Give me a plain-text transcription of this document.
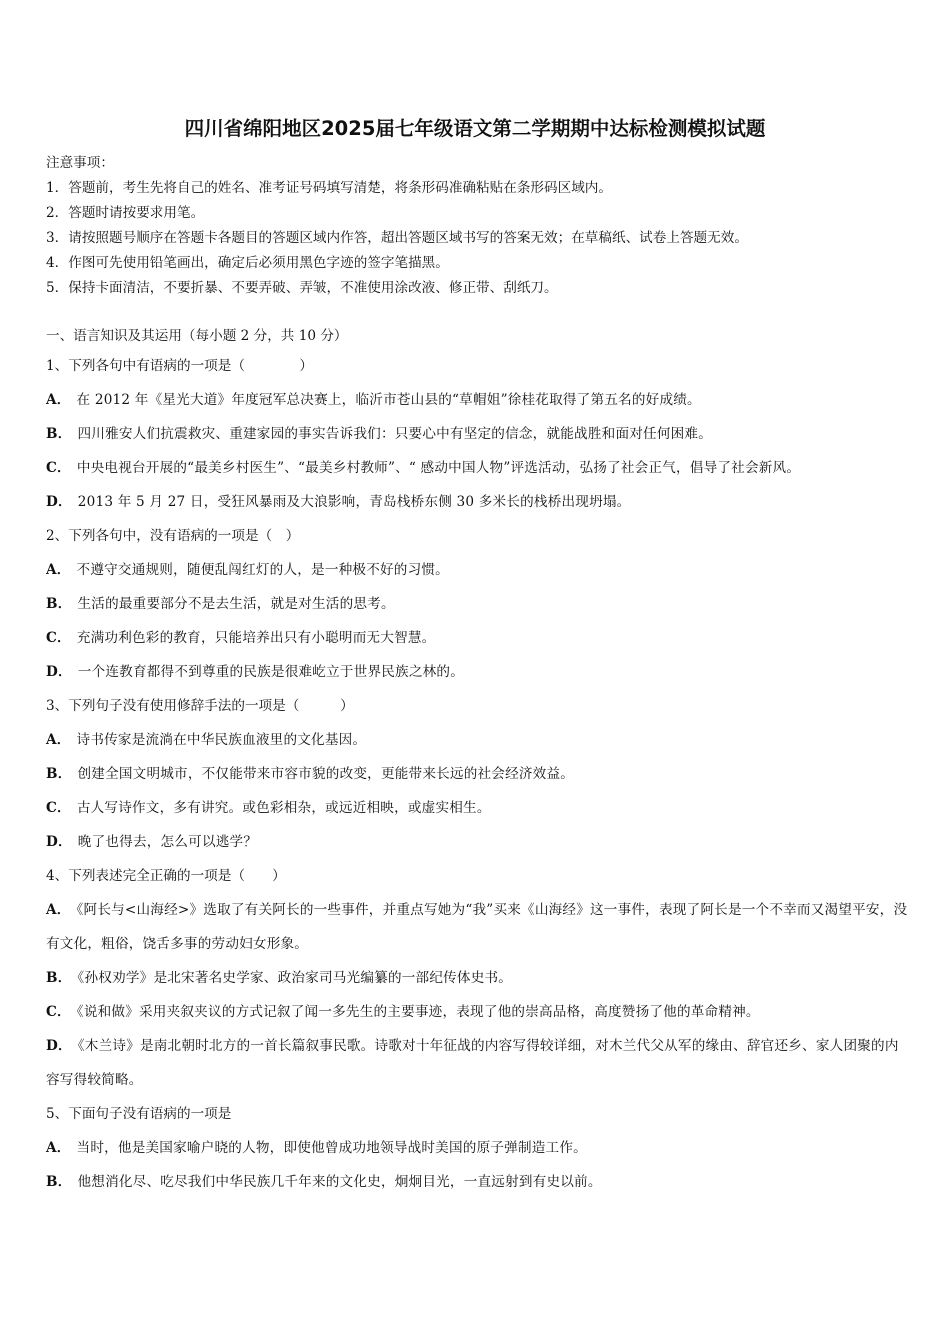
四川省绵阳地区2025届七年级语文第二学期期中达标检测模拟试题
注意事项：
1．答题前，考生先将自己的姓名、准考证号码填写清楚，将条形码准确粘贴在条形码区域内。
2．答题时请按要求用笔。
3．请按照题号顺序在答题卡各题目的答题区域内作答，超出答题区域书写的答案无效；在草稿纸、试卷上答题无效。
4．作图可先使用铅笔画出，确定后必须用黑色字迹的签字笔描黑。
5．保持卡面清洁，不要折暴、不要弄破、弄皱，不准使用涂改液、修正带、刮纸刀。
一、语言知识及其运用（每小题 2 分，共 10 分）
1、下列各句中有语病的一项是（　　　　）
A． 在 2012 年《星光大道》年度冠军总决赛上，临沂市苍山县的“草帽姐”徐桂花取得了第五名的好成绩。
B． 四川雅安人们抗震救灾、重建家园的事实告诉我们：只要心中有坚定的信念，就能战胜和面对任何困难。
C． 中央电视台开展的“最美乡村医生”、“最美乡村教师”、“ 感动中国人物”评选活动，弘扬了社会正气，倡导了社会新风。
D． 2013 年 5 月 27 日，受狂风暴雨及大浪影响，青岛栈桥东侧 30 多米长的栈桥出现坍塌。
2、下列各句中，没有语病的一项是（　）
A． 不遵守交通规则，随便乱闯红灯的人，是一种极不好的习惯。
B． 生活的最重要部分不是去生活，就是对生活的思考。
C． 充满功利色彩的教育，只能培养出只有小聪明而无大智慧。
D． 一个连教育都得不到尊重的民族是很难屹立于世界民族之林的。
3、下列句子没有使用修辞手法的一项是（　　　）
A． 诗书传家是流淌在中华民族血液里的文化基因。
B． 创建全国文明城市，不仅能带来市容市貌的改变，更能带来长远的社会经济效益。
C． 古人写诗作文，多有讲究。或色彩相杂，或远近相映，或虚实相生。
D． 晚了也得去，怎么可以逃学？
4、下列表述完全正确的一项是（　　）
A． 《阿长与<山海经>》选取了有关阿长的一些事件，并重点写她为“我”买来《山海经》这一事件，表现了阿长是一个不幸而又渴望平安，没有文化，粗俗，饶舌多事的劳动妇女形象。
B． 《孙权劝学》是北宋著名史学家、政治家司马光编纂的一部纪传体史书。
C． 《说和做》采用夹叙夹议的方式记叙了闻一多先生的主要事迹，表现了他的崇高品格，高度赞扬了他的革命精神。
D． 《木兰诗》是南北朝时北方的一首长篇叙事民歌。诗歌对十年征战的内容写得较详细，对木兰代父从军的缘由、辞官还乡、家人团聚的内容写得较简略。
5、下面句子没有语病的一项是
A． 当时，他是美国家喻户晓的人物，即使他曾成功地领导战时美国的原子弹制造工作。
B． 他想消化尽、吃尽我们中华民族几千年来的文化史，炯炯目光，一直远射到有史以前。
